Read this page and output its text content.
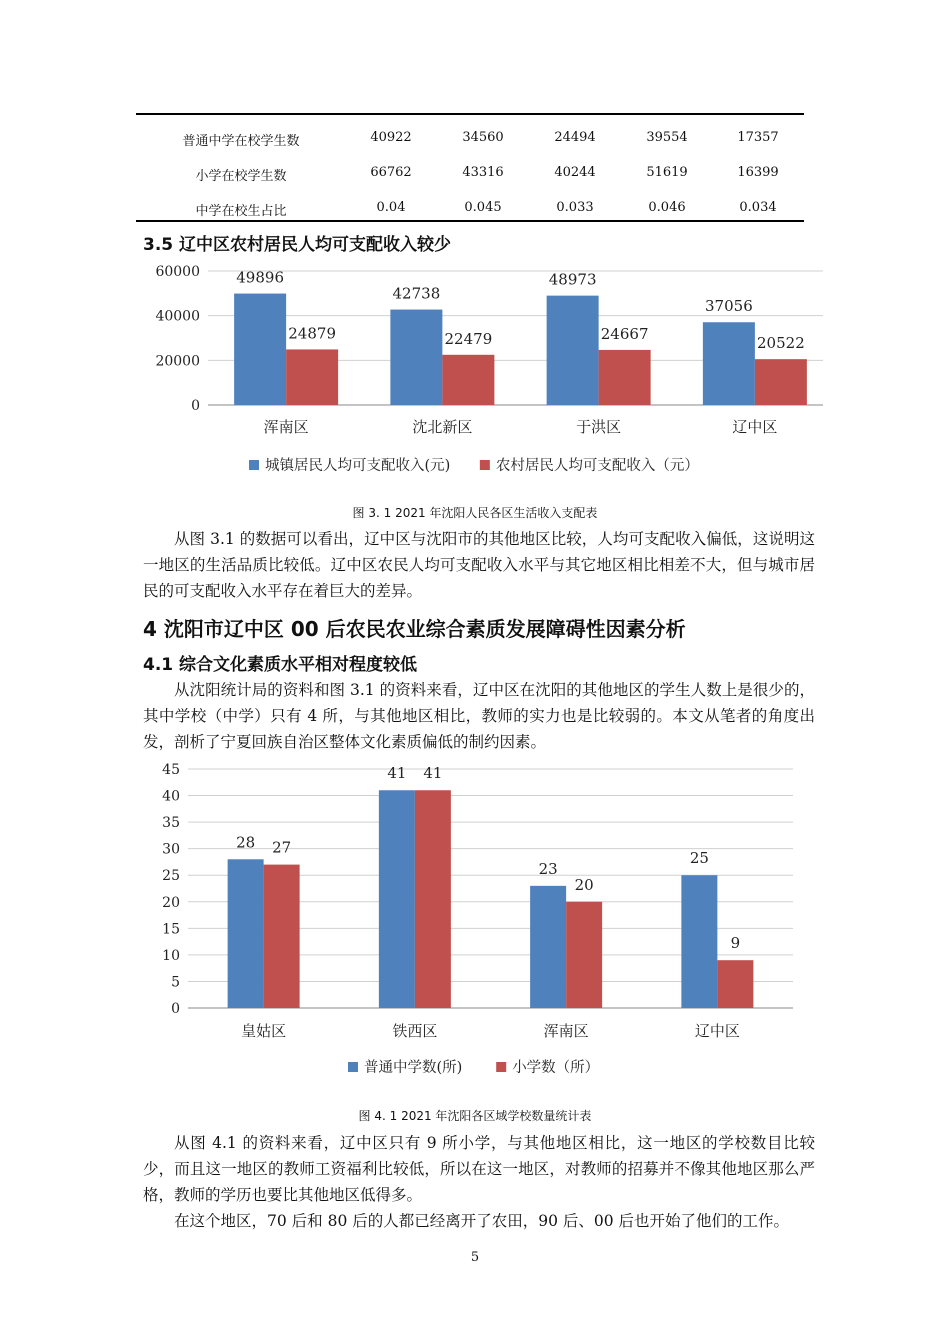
普通中学在校学生数	40922	34560	24494	39554	17357
小学在校学生数	66762	43316	40244	51619	16399
中学在校生占比	0.04	0.045	0.033	0.046	0.034
3.5 辽中区农村居民人均可支配收入较少
0
20000
40000
60000
浑南区
49896
24879
沈北新区
42738
22479
于洪区
48973
24667
辽中区
37056
20522
城镇居民人均可支配收入(元)	农村居民人均可支配收入（元）
图 3. 1 2021 年沈阳人民各区生活收入支配表

从图 3.1 的数据可以看出，辽中区与沈阳市的其他地区比较，人均可支配收入偏低，这说明这一地区的生活品质比较低。辽中区农民人均可支配收入水平与其它地区相比相差不大，但与城市居民的可支配收入水平存在着巨大的差异。

4 沈阳市辽中区 00 后农民农业综合素质发展障碍性因素分析
4.1 综合文化素质水平相对程度较低

从沈阳统计局的资料和图 3.1 的资料来看，辽中区在沈阳的其他地区的学生人数上是很少的，其中学校（中学）只有 4 所，与其他地区相比，教师的实力也是比较弱的。本文从笔者的角度出发，剖析了宁夏回族自治区整体文化素质偏低的制约因素。

0
5
10
15
20
25
30
35
40
45
皇姑区
28 27
铁西区
41 41
浑南区
23
20
辽中区
25
9
普通中学数(所)	小学数（所）
图 4. 1 2021 年沈阳各区域学校数量统计表

从图 4.1 的资料来看，辽中区只有 9 所小学，与其他地区相比，这一地区的学校数目比较少，而且这一地区的教师工资福利比较低，所以在这一地区，对教师的招募并不像其他地区那么严格，教师的学历也要比其他地区低得多。

在这个地区，70 后和 80 后的人都已经离开了农田，90 后、00 后也开始了他们的工作。

5
